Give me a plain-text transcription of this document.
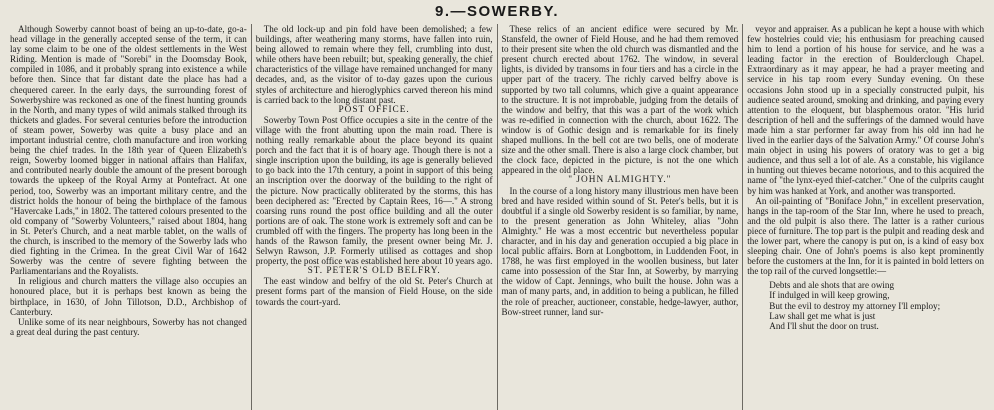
9.—SOWERBY.

Although Sowerby cannot boast of being an up-to-date, go-a-head village in the generally accepted sense of the term, it can lay some claim to be one of the oldest settlements in the West Riding. Mention is made of "Sorebi" in the Doomsday Book, compiled in 1086, and it probably sprang into existence a while before then. Since that far distant date the place has had a chequered career. In the early days, the surrounding forest of Sowerbyshire was reckoned as one of the finest hunting grounds in the North, and many types of wild animals stalked through its thickets and glades. For several centuries before the introduction of steam power, Sowerby was quite a busy place and an important industrial centre, cloth manufacture and iron working being the chief trades. In the 18th year of Queen Elizabeth's reign, Sowerby loomed bigger in national affairs than Halifax, and contributed nearly double the amount of the present borough towards the upkeep of the Royal Army at Pontefract. At one period, too, Sowerby was an important military centre, and the district holds the honour of being the birthplace of the famous "Havercake Lads," in 1802. The tattered colours presented to the old company of "Sowerby Volunteers," raised about 1804, hang in St. Peter's Church, and a neat marble tablet, on the walls of the church, is inscribed to the memory of the Sowerby lads who died fighting in the Crimea. In the great Civil War of 1642 Sowerby was the centre of severe fighting between the Parliamentarians and the Royalists.

In religious and church matters the village also occupies an honoured place, but it is perhaps best known as being the birthplace, in 1630, of John Tillotson, D.D., Archbishop of Canterbury.

Unlike some of its near neighbours, Sowerby has not changed a great deal during the past century.

The old lock-up and pin fold have been demolished; a few buildings, after weathering many storms, have fallen into ruin, being allowed to remain where they fell, crumbling into dust, while others have been rebuilt; but, speaking generally, the chief characteristics of the village have remained unchanged for many decades, and, as the visitor of to-day gazes upon the curious styles of architecture and hieroglyphics carved thereon his mind is carried back to the long distant past.

POST OFFICE.

Sowerby Town Post Office occupies a site in the centre of the village with the front abutting upon the main road. There is nothing really remarkable about the place beyond its quaint porch and the fact that it is of hoary age. Though there is not a single inscription upon the building, its age is generally believed to go back into the 17th century, a point in support of this being an inscription over the doorway of the building to the right of the picture. Now practically obliterated by the storms, this has been deciphered as: "Erected by Captain Rees, 16—." A strong coarsing runs round the post office building and all the outer portions are of oak. The stone work is extremely soft and can be crumbled off with the fingers. The property has long been in the hands of the Rawson family, the present owner being Mr. J. Selwyn Rawson, J.P. Formerly utilised as cottages and shop property, the post office was established here about 10 years ago.

ST. PETER'S OLD BELFRY.

The east window and belfry of the old St. Peter's Church at present forms part of the mansion of Field House, on the side towards the court-yard.

These relics of an ancient edifice were secured by Mr. Stansfeld, the owner of Field House, and he had them removed to their present site when the old church was dismantled and the present church erected about 1762. The window, in several lights, is divided by transoms in four tiers and has a circle in the upper part of the tracery. The richly carved belfry above is supported by two tall columns, which give a quaint appearance to the structure. It is not improbable, judging from the details of the window and belfry, that this was a part of the work which was re-edified in connection with the church, about 1622. The window is of Gothic design and is remarkable for its finely shaped mullions. In the bell cot are two bells, one of moderate size and the other small. There is also a large clock chamber, but the clock face, depicted in the picture, is not the one which appeared in the old place.

" JOHN ALMIGHTY."

In the course of a long history many illustrious men have been bred and have resided within sound of St. Peter's bells, but it is doubtful if a single old Sowerby resident is so familiar, by name, to the present generation as John Whiteley, alias "John Almighty." He was a most eccentric but nevertheless popular character, and in his day and generation occupied a big place in local public affairs. Born at Longbottom, in Luddenden Foot, in 1788, he was first employed in the woollen business, but later came into possession of the Star Inn, at Sowerby, by marrying the widow of Capt. Jennings, who built the house. John was a man of many parts, and, in addition to being a publican, he filled the role of preacher, auctioneer, constable, hedge-lawyer, author, Bow-street runner, land sur-

veyor and appraiser. As a publican he kept a house with which few hostelries could vie; his enthusiasm for preaching caused him to lend a portion of his house for service, and he was a leading factor in the erection of Boulderclough Chapel. Extraordinary as it may appear, he had a prayer meeting and service in his tap room every Sunday evening. On these occasions John stood up in a specially constructed pulpit, his audience seated around, smoking and drinking, and paying every attention to the eloquent, but blasphemous orator. "His lurid description of hell and the sufferings of the damned would have made him a star performer far away from his old inn had he lived in the earlier days of the Salvation Army." Of course John's main object in using his powers of oratory was to get a big audience, and thus sell a lot of ale. As a constable, his vigilance in hunting out thieves became notorious, and to this acquired the name of "the lynx-eyed thief-catcher." One of the culprits caught by him was hanked at York, and another was transported.

An oil-painting of "Boniface John," in excellent preservation, hangs in the tap-room of the Star Inn, where he used to preach, and the old pulpit is also there. The latter is a rather curious piece of furniture. The top part is the pulpit and reading desk and the lower part, where the canopy is put on, is a kind of easy box sleeping chair. One of John's poems is also kept prominently before the customers at the Inn, for it is painted in bold letters on the top rail of the curved longsettle:—

Debts and ale shots that are owing
If indulged in will keep growing,
But the evil to destroy my attorney I'll employ;
Law shall get me what is just
And I'll shut the door on trust.
